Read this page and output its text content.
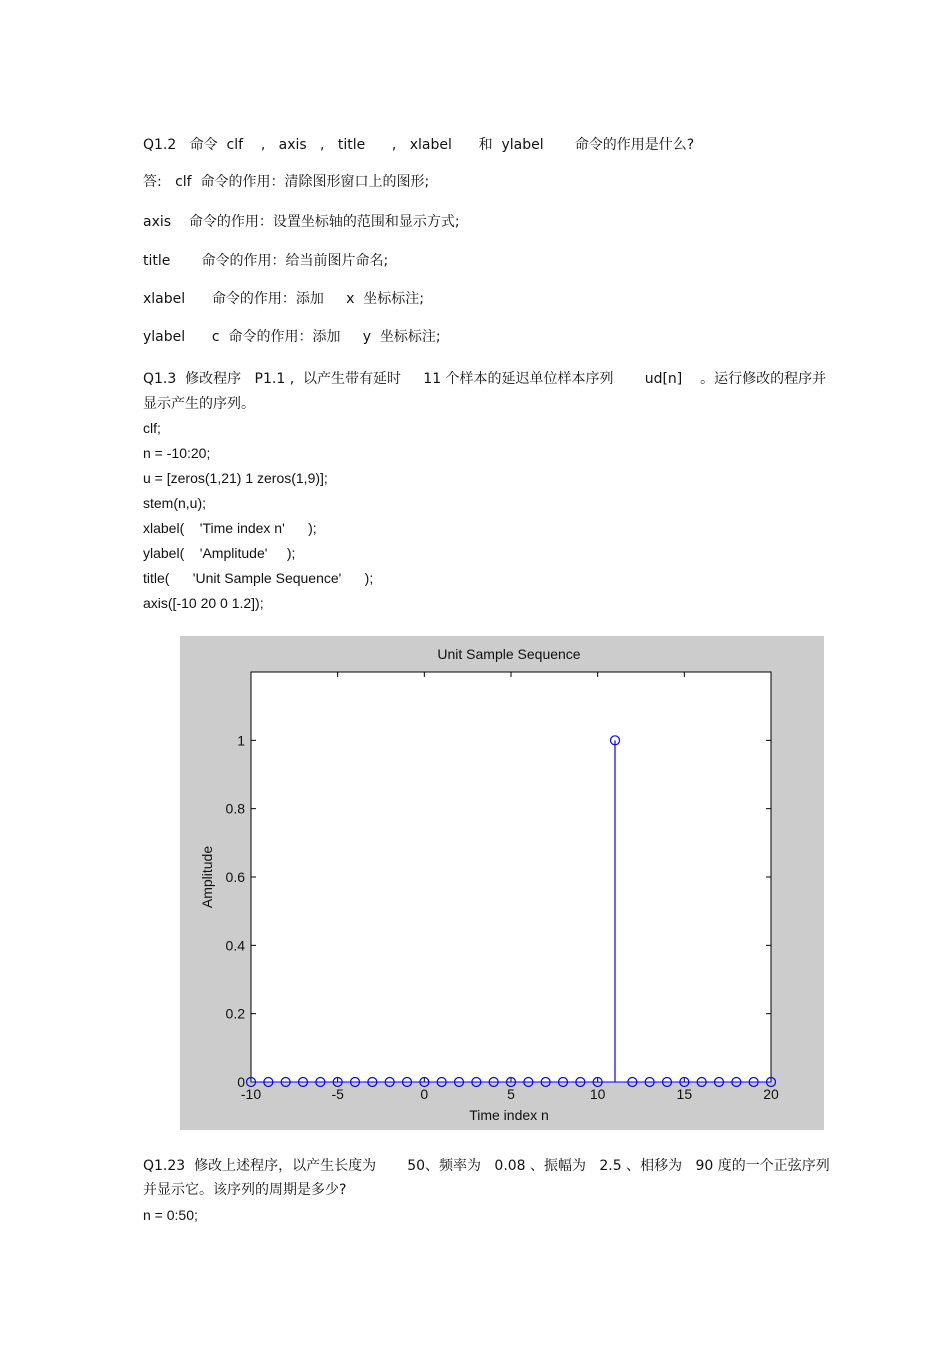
Q1.2   命令  clf    ,   axis   ,   title      ,   xlabel      和  ylabel       命令的作用是什么?
答:   clf  命令的作用：清除图形窗口上的图形;
axis    命令的作用：设置坐标轴的范围和显示方式;
title       命令的作用：给当前图片命名;
xlabel      命令的作用：添加     x  坐标标注;
ylabel      c  命令的作用：添加     y  坐标标注;
Q1.3  修改程序   P1.1 ,  以产生带有延时     11 个样本的延迟单位样本序列       ud[n]    。运行修改的程序并
显示产生的序列。
clf;
n = -10:20;
u = [zeros(1,21) 1 zeros(1,9)];
stem(n,u);
xlabel(    'Time index n'      );
ylabel(    'Amplitude'     );
title(      'Unit Sample Sequence'      );
axis([-10 20 0 1.2]);
Unit Sample Sequence
Time index n
Amplitude
-10	-5	0	5	10	15	20
0
0.2
0.4
0.6
0.8
1
Q1.23  修改上述程序，以产生长度为       50、频率为   0.08 、振幅为   2.5 、相移为   90 度的一个正弦序列
并显示它。该序列的周期是多少?
n = 0:50;
